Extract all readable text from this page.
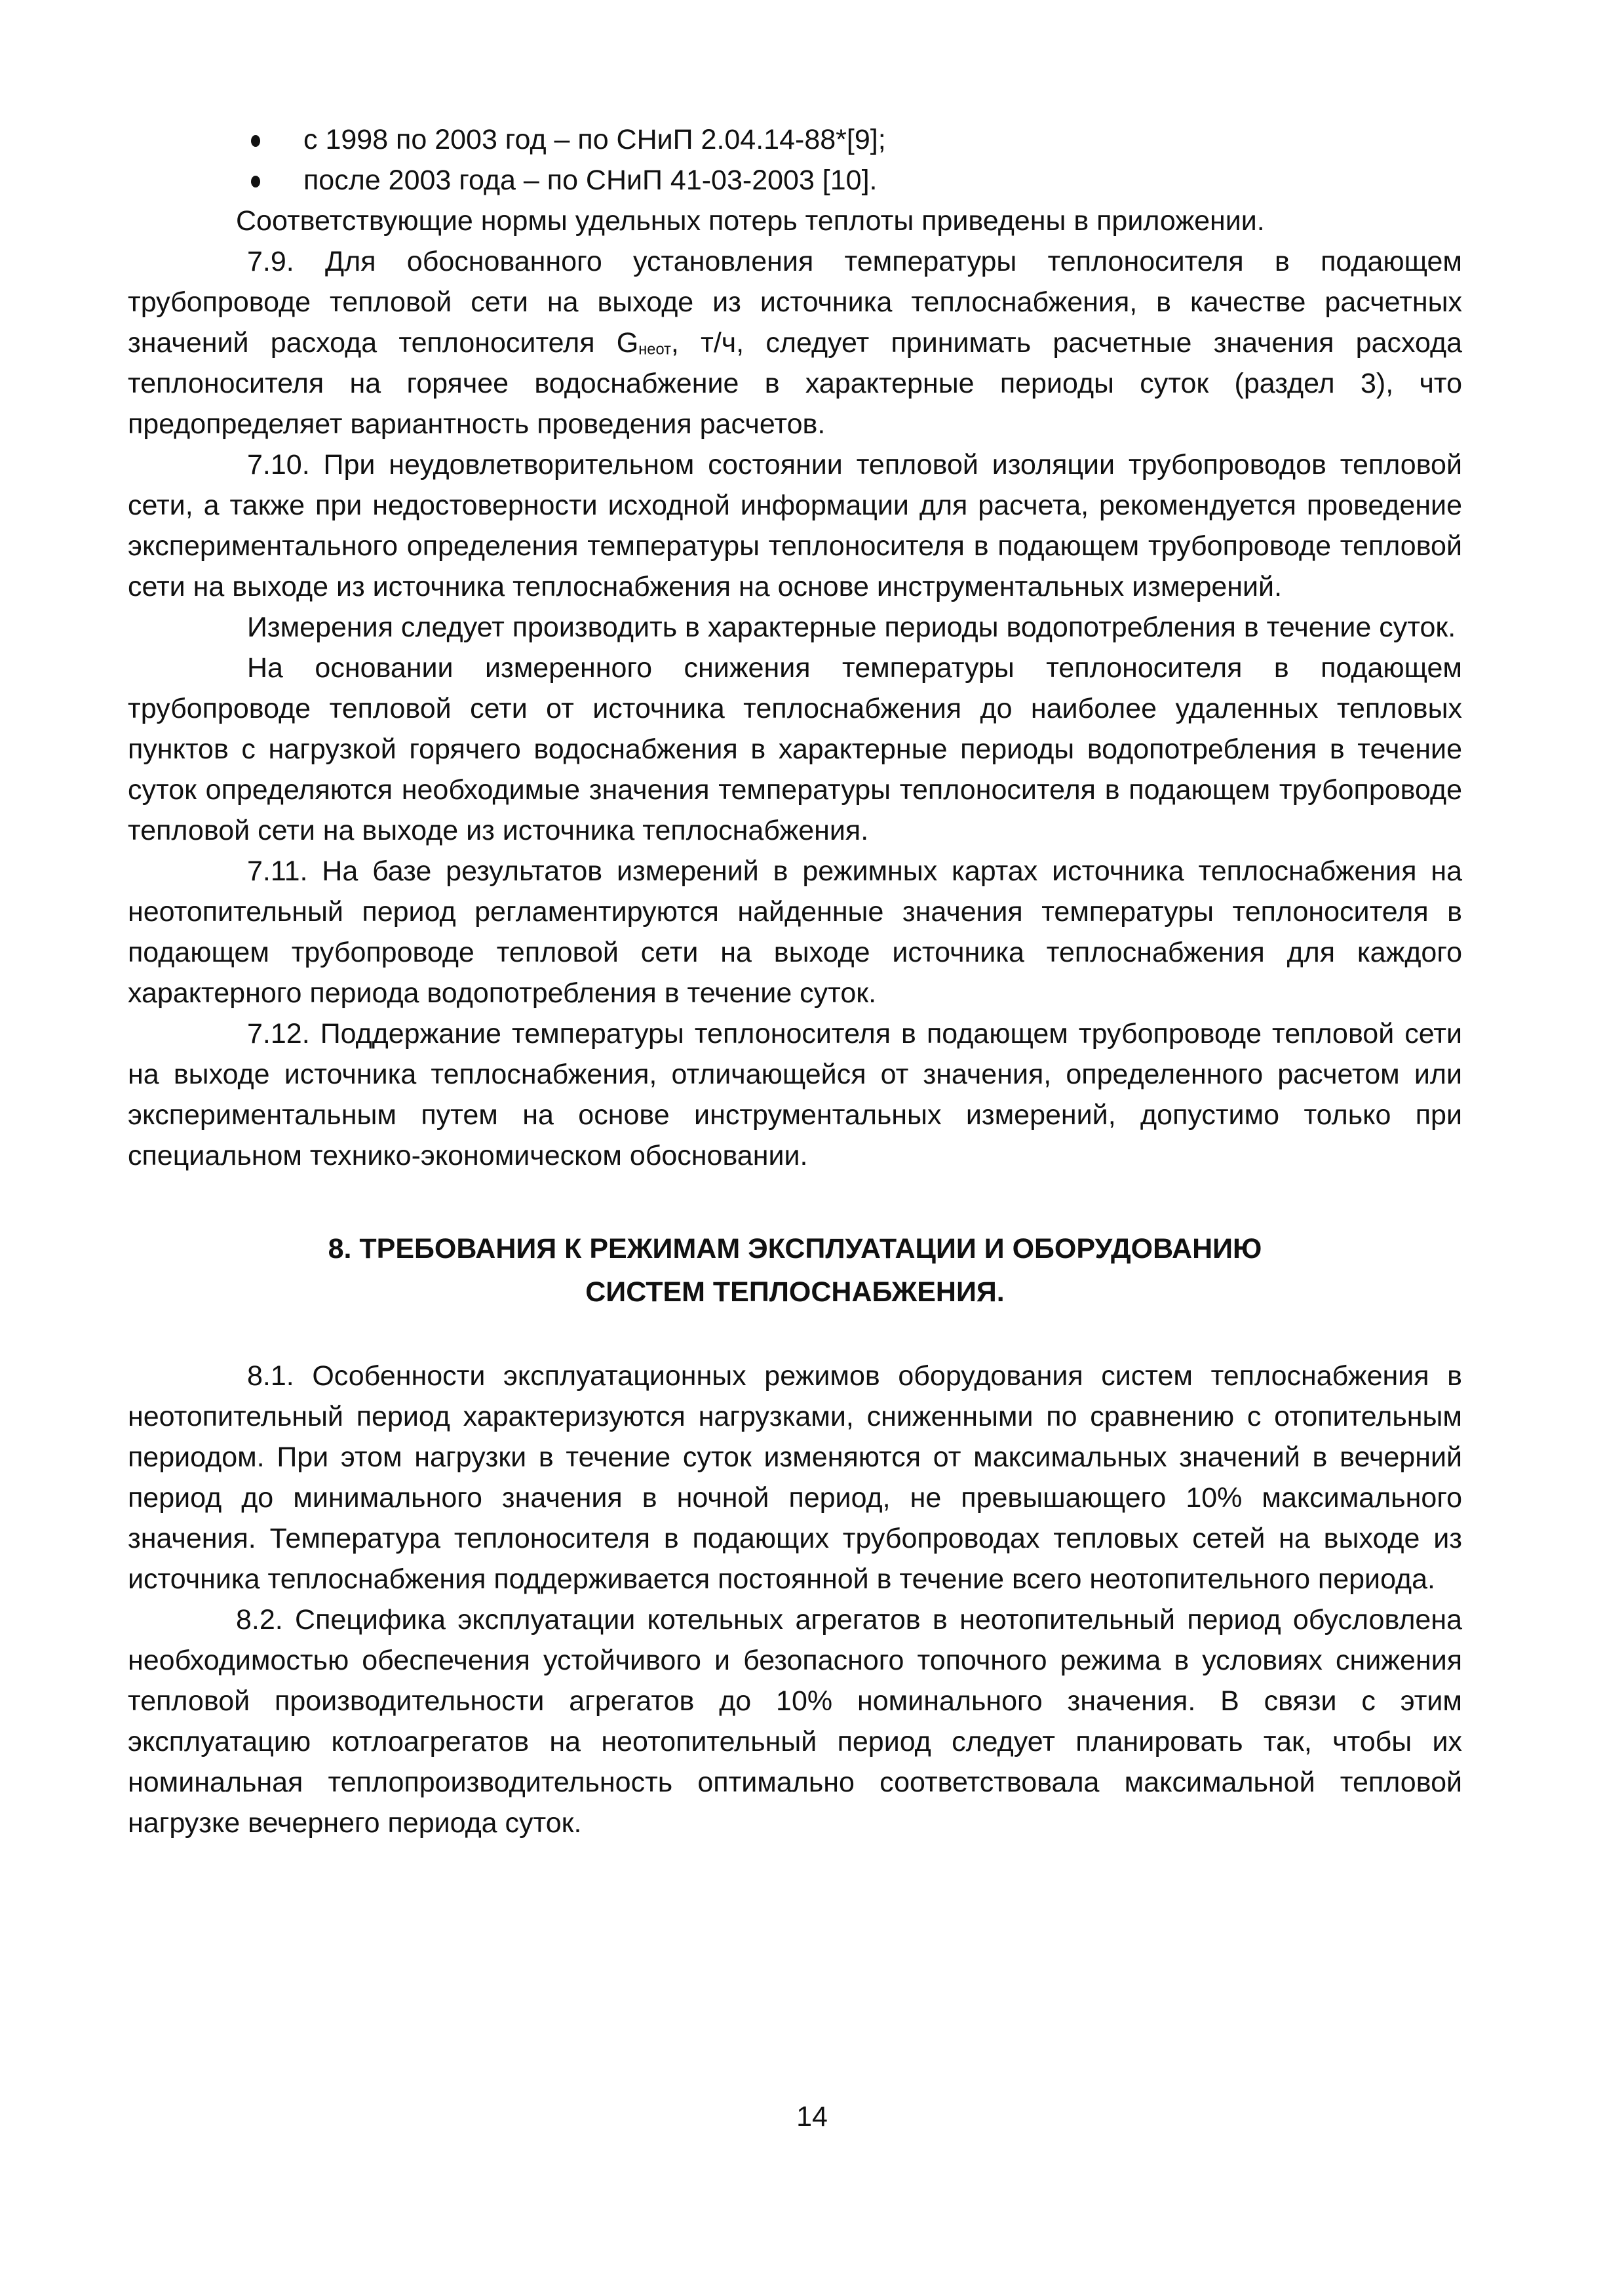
с 1998 по 2003 год – по СНиП 2.04.14-88*[9];
после 2003 года – по СНиП 41-03-2003 [10].

Соответствующие нормы удельных потерь теплоты приведены в приложении.

7.9. Для обоснованного установления температуры теплоносителя в подающем трубопроводе тепловой сети на выходе из источника теплоснабжения, в качестве расчетных значений расхода теплоносителя Gнеот, т/ч, следует принимать расчетные значения расхода теплоносителя на горячее водоснабжение в характерные периоды суток (раздел 3), что предопределяет вариантность проведения расчетов.

7.10. При неудовлетворительном состоянии тепловой изоляции трубопроводов тепловой сети, а также при недостоверности исходной информации для расчета, рекомендуется проведение экспериментального определения температуры теплоносителя в подающем трубопроводе тепловой сети на выходе из источника теплоснабжения на основе инструментальных измерений.

Измерения следует производить в характерные периоды водопотребления в течение суток.

На основании измеренного снижения температуры теплоносителя в подающем трубопроводе тепловой сети от источника теплоснабжения до наиболее удаленных тепловых пунктов с нагрузкой горячего водоснабжения в характерные периоды водопотребления в течение суток определяются необходимые значения температуры теплоносителя в подающем трубопроводе тепловой сети на выходе из источника теплоснабжения.

7.11. На базе результатов измерений в режимных картах источника теплоснабжения на неотопительный период регламентируются найденные значения температуры теплоносителя в подающем трубопроводе тепловой сети на выходе источника теплоснабжения для каждого характерного периода водопотребления в течение суток.

7.12. Поддержание температуры теплоносителя в подающем трубопроводе тепловой сети на выходе источника теплоснабжения, отличающейся от значения, определенного расчетом или экспериментальным путем на основе инструментальных измерений, допустимо только при специальном технико-экономическом обосновании.

8. ТРЕБОВАНИЯ К РЕЖИМАМ ЭКСПЛУАТАЦИИ И ОБОРУДОВАНИЮ
СИСТЕМ ТЕПЛОСНАБЖЕНИЯ.

8.1. Особенности эксплуатационных режимов оборудования систем теплоснабжения в неотопительный период характеризуются нагрузками, сниженными по сравнению с отопительным периодом. При этом нагрузки в течение суток изменяются от максимальных значений в вечерний период до минимального значения в ночной период, не превышающего 10% максимального значения. Температура теплоносителя в подающих трубопроводах тепловых сетей на выходе из источника теплоснабжения поддерживается постоянной в течение всего неотопительного периода.

8.2. Специфика эксплуатации котельных агрегатов в неотопительный период обусловлена необходимостью обеспечения устойчивого и безопасного топочного режима в условиях снижения тепловой производительности агрегатов до 10% номинального значения. В связи с этим эксплуатацию котлоагрегатов на неотопительный период следует планировать так, чтобы их номинальная теплопроизводительность оптимально соответствовала максимальной тепловой нагрузке вечернего периода суток.

14
